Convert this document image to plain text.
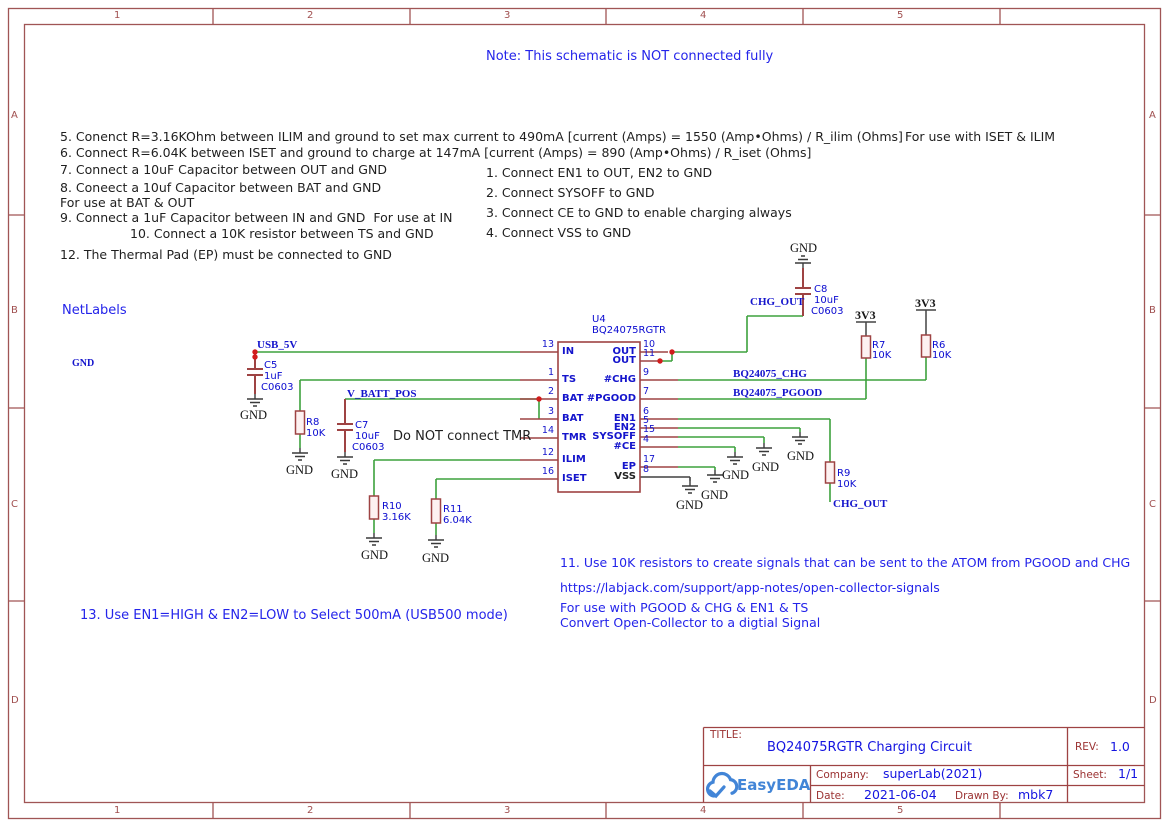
1	2	3	4	5
1	2	3	4	5
A
B
C
D
A
B
C
D
Note: This schematic is NOT connected fully
5. Conenct R=3.16KOhm between ILIM and ground to set max current to 490mA [current (Amps) = 1550 (Amp•Ohms) / R_ilim (Ohms] For use with ISET & ILIM
6. Connect R=6.04K between ISET and ground to charge at 147mA [current (Amps) = 890 (Amp•Ohms) / R_iset (Ohms]
7. Connect a 10uF Capacitor between OUT and GND
8. Coneect a 10uf Capacitor between BAT and GND
For use at BAT & OUT
9. Connect a 1uF Capacitor between IN and GND  For use at IN
10. Connect a 10K resistor between TS and GND
12. The Thermal Pad (EP) must be connected to GND
1. Connect EN1 to OUT, EN2 to GND
2. Connect SYSOFF to GND
3. Connect CE to GND to enable charging always
4. Connect VSS to GND
NetLabels
GND
Do NOT connect TMR
11. Use 10K resistors to create signals that can be sent to the ATOM from PGOOD and CHG
https://labjack.com/support/app-notes/open-collector-signals
For use with PGOOD & CHG & EN1 & TS
Convert Open-Collector to a digtial Signal
13. Use EN1=HIGH & EN2=LOW to Select 500mA (USB500 mode)
USB_5V
V_BATT_POS
CHG_OUT
CHG_OUT
BQ24075_CHG
BQ24075_PGOOD
3V3
3V3
GND
GND GND
GND	GND
GND
GND
GND
GND
GND
GND
C5
1uF
C0603
R8
10K
C7
10uF
C0603
R10
3.16K
R11
6.04K
C8
10uF
C0603
R7
10K
R6
10K
R9
10K
U4
BQ24075RGTR
13
1
2
3
14
12
16
IN
TS
BAT
BAT
TMR
ILIM
ISET
10
11
9
7
6
5
15
4
17
8
OUT
OUT
#CHG
#PGOOD
EN1
EN2
SYSOFF
#CE
EP
VSS
TITLE:
BQ24075RGTR Charging Circuit	REV: 1.0
Company: superLab(2021)	Sheet: 1/1
Date: 2021-06-04 Drawn By: mbk7
EasyEDA
